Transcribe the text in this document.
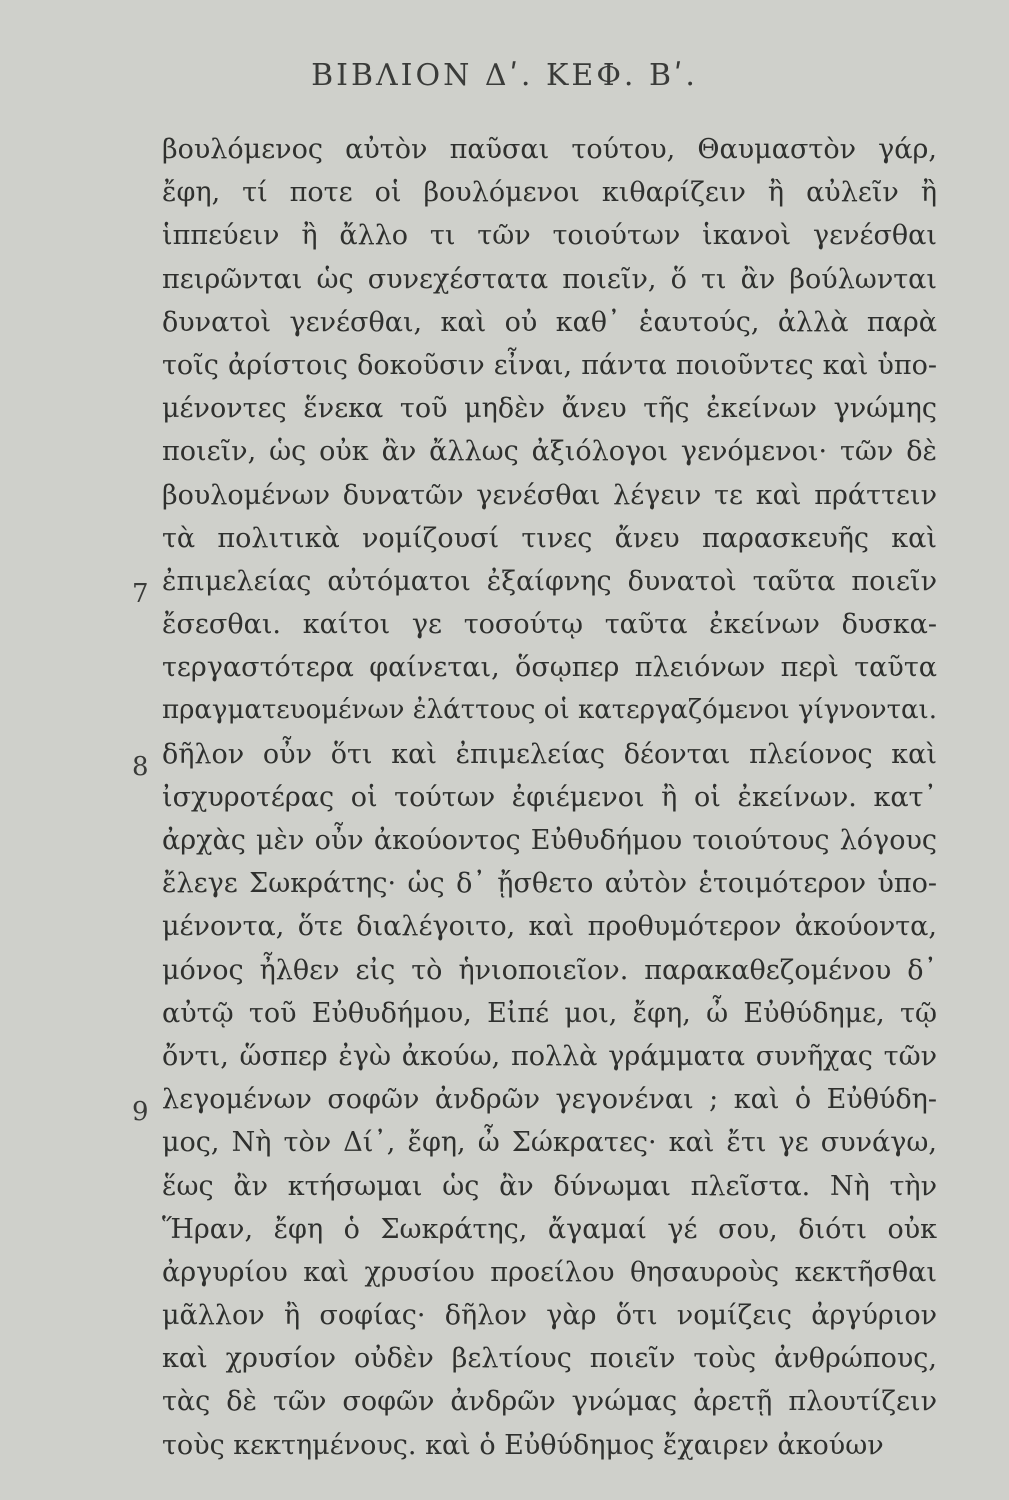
ΒΙΒΛΙΟΝ Δʹ. ΚΕΦ. Βʹ.
βουλόμενος αὐτὸν παῦσαι τούτου, Θαυμαστὸν γάρ,
ἔφη, τί ποτε οἱ βουλόμενοι κιθαρίζειν ἢ αὐλεῖν ἢ
ἱππεύειν ἢ ἄλλο τι τῶν τοιούτων ἱκανοὶ γενέσθαι
πειρῶνται ὡς συνεχέστατα ποιεῖν, ὅ τι ἂν βούλωνται
δυνατοὶ γενέσθαι, καὶ οὐ καθ᾽ ἑαυτούς, ἀλλὰ παρὰ
τοῖς ἀρίστοις δοκοῦσιν εἶναι, πάντα ποιοῦντες καὶ ὑπο-
μένοντες ἕνεκα τοῦ μηδὲν ἄνευ τῆς ἐκείνων γνώμης
ποιεῖν, ὡς οὐκ ἂν ἄλλως ἀξιόλογοι γενόμενοι· τῶν δὲ
βουλομένων δυνατῶν γενέσθαι λέγειν τε καὶ πράττειν
τὰ πολιτικὰ νομίζουσί τινες ἄνευ παρασκευῆς καὶ
ἐπιμελείας αὐτόματοι ἐξαίφνης δυνατοὶ ταῦτα ποιεῖν
ἔσεσθαι. καίτοι γε τοσούτῳ ταῦτα ἐκείνων δυσκα-
τεργαστότερα φαίνεται, ὅσῳπερ πλειόνων περὶ ταῦτα
πραγματευομένων ἐλάττους οἱ κατεργαζόμενοι γίγνονται.
δῆλον οὖν ὅτι καὶ ἐπιμελείας δέονται πλείονος καὶ
ἰσχυροτέρας οἱ τούτων ἐφιέμενοι ἢ οἱ ἐκείνων. κατ᾽
ἀρχὰς μὲν οὖν ἀκούοντος Εὐθυδήμου τοιούτους λόγους
ἔλεγε Σωκράτης· ὡς δ᾽ ᾔσθετο αὐτὸν ἑτοιμότερον ὑπο-
μένοντα, ὅτε διαλέγοιτο, καὶ προθυμότερον ἀκούοντα,
μόνος ἦλθεν εἰς τὸ ἡνιοποιεῖον. παρακαθεζομένου δ᾽
αὐτῷ τοῦ Εὐθυδήμου, Εἰπέ μοι, ἔφη, ὦ Εὐθύδημε, τῷ
ὄντι, ὥσπερ ἐγὼ ἀκούω, πολλὰ γράμματα συνῆχας τῶν
λεγομένων σοφῶν ἀνδρῶν γεγονέναι ; καὶ ὁ Εὐθύδη-
μος, Νὴ τὸν Δί᾽, ἔφη, ὦ Σώκρατες· καὶ ἔτι γε συνάγω,
ἕως ἂν κτήσωμαι ὡς ἂν δύνωμαι πλεῖστα. Νὴ τὴν
Ἥραν, ἔφη ὁ Σωκράτης, ἄγαμαί γέ σου, διότι οὐκ
ἀργυρίου καὶ χρυσίου προείλου θησαυροὺς κεκτῆσθαι
μᾶλλον ἢ σοφίας· δῆλον γὰρ ὅτι νομίζεις ἀργύριον
καὶ χρυσίον οὐδὲν βελτίους ποιεῖν τοὺς ἀνθρώπους,
τὰς δὲ τῶν σοφῶν ἀνδρῶν γνώμας ἀρετῇ πλουτίζειν
τοὺς κεκτημένους. καὶ ὁ Εὐθύδημος ἔχαιρεν ἀκούων
7
8
9
